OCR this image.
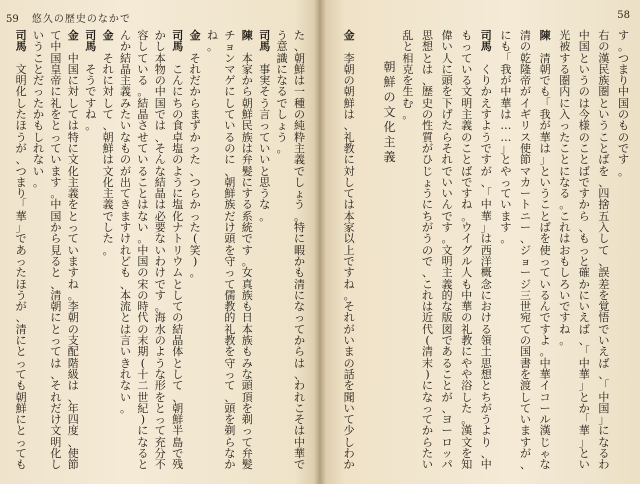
59 悠久の歴史のなかで
た
、
朝
鮮
は
一
種
の
純
粋
主
義
で
し
ょ
う
。
特
に
暇
か
も
清
に
な
っ
て
か
ら
は
、
わ
れ
こ
そ
は
中
華
で
う
意
識
に
な
る
で
し
ょ
う
。
司
馬

事
実
そ
う
言
っ
て
い
い
と
思
う
な
。
陳

本
家
か
ら
朝
鮮
民
族
は
弁
髪
に
す
る
系
統
で
す
。
女
真
族
も
日
本
族
も
み
な
頭
頂
を
剃
っ
て
弁
髪
チ
ョ
ン
マ
ゲ
に
し
て
い
る
の
に
、
朝
鮮
族
だ
け
頭
を
守
っ
て
儒
教
的
礼
教
を
守
っ
て
、
頭
を
剃
ら
な
か
ね
。
金

そ
れ
だ
か
ら
ま
ず
か
っ
た
、
つ
ら
か
っ
た
(
笑
)
。
司
馬

こ
ん
に
ち
の
食
卓
塩
の
よ
う
に
塩
化
ナ
ト
リ
ウ
ム
と
し
て
の
結
晶
体
と
し
て
、
朝
鮮
半
島
で
残
か
し
本
物
の
中
国
で
は
、
そ
ん
な
結
晶
は
必
要
な
い
わ
け
で
す
。
海
水
の
よ
う
な
形
を
と
っ
て
充
分
不
容
し
て
い
る
。
結
晶
さ
せ
て
い
る
こ
と
は
な
い
。
中
国
の
宋
の
時
代
の
末
期
(
十
二
世
紀
)
に
な
る
と
ん
か
結
晶
主
義
み
た
い
な
も
の
が
出
て
き
ま
す
け
れ
ど
も
、
本
流
と
は
言
い
き
れ
な
い
。
金

そ
れ
に
対
し
て
、
朝
鮮
は
文
化
主
義
で
し
た
。
司
馬

そ
う
で
す
ね
。
金

中
国
に
対
し
て
は
特
に
文
化
主
義
を
と
っ
て
い
ま
す
ね
。
李
朝
の
支
配
階
級
は
、
年
四
度
、
使
節
て
中
国
皇
帝
に
礼
を
と
っ
て
い
ま
す
。
中
国
か
ら
見
る
と
、
清
朝
に
と
っ
て
は
、
そ
れ
だ
け
文
明
化
し
い
う
こ
と
だ
っ
た
か
も
し
れ
な
い
。
司
馬

文
明
化
し
た
ほ
う
が
、
つ
ま
り
「
華
」
で
あ
っ
た
ほ
う
が
、
清
に
と
っ
て
も
朝
鮮
に
と
っ
て
も
58
す
。
つ
ま
り
中
国
の
も
の
で
す
。
右
の
漢
民
族
圏
と
い
う
こ
と
ば
を
、
四
捨
五
入
し
て
、
誤
差
を
覚
悟
で
い
え
ば
、
「
中
国
」
に
な
る
わ
中
国
と
い
う
の
は
今
様
の
こ
と
ば
で
す
か
ら
、
も
っ
と
確
か
に
い
え
ば
、
「
中
華
」
と
か
「
華
」
と
い
光
被
す
る
圏
内
に
入
っ
た
こ
と
に
な
る
。
こ
れ
は
お
も
し
ろ
い
で
す
ね
。
陳

清
朝
で
も
「
我
が
華
は
」
と
い
う
こ
と
ば
を
使
っ
て
い
る
ん
で
す
よ
。
中
華
イ
コ
ー
ル
漢
じ
ゃ
な
清
の
乾
隆
帝
が
イ
ギ
リ
ス
使
節
マ
カ
ー
ト
ニ
ー
、
ジ
ョ
ー
ジ
三
世
宛
て
の
国
書
を
渡
し
て
い
ま
す
が
、
に
も
「
我
が
中
華
は
…
…
」
と
や
っ
て
い
ま
す
。
司
馬

く
り
か
え
す
よ
う
で
す
が
、
「
中
華
」
は
西
洋
概
念
に
お
け
る
領
土
思
想
と
ち
が
う
よ
り
、
中
も
っ
て
い
る
文
明
主
義
の
こ
と
ば
で
す
ね
。
ウ
イ
グ
ル
人
も
中
華
の
礼
教
に
や
や
浴
し
た
。
漢
文
を
知
偉
い
人
に
頭
を
下
げ
た
ら
そ
れ
で
い
い
ん
で
す
。
文
明
主
義
的
な
版
図
で
あ
る
こ
と
が
、
ヨ
ー
ロ
ッ
パ
思
想
と
は
、
歴
史
の
性
質
が
ひ
じ
ょ
う
に
ち
が
う
の
で
、
こ
れ
は
近
代
(
清
末
)
に
な
っ
て
か
ら
た
い
乱
と
相
克
を
生
む
。
金

李
朝
の
朝
鮮
は
、
礼
教
に
対
し
て
は
本
家
以
上
で
す
ね
。
そ
れ
が
い
ま
の
話
を
聞
い
て
少
し
わ
か
朝
鮮
の
文
化
主
義
